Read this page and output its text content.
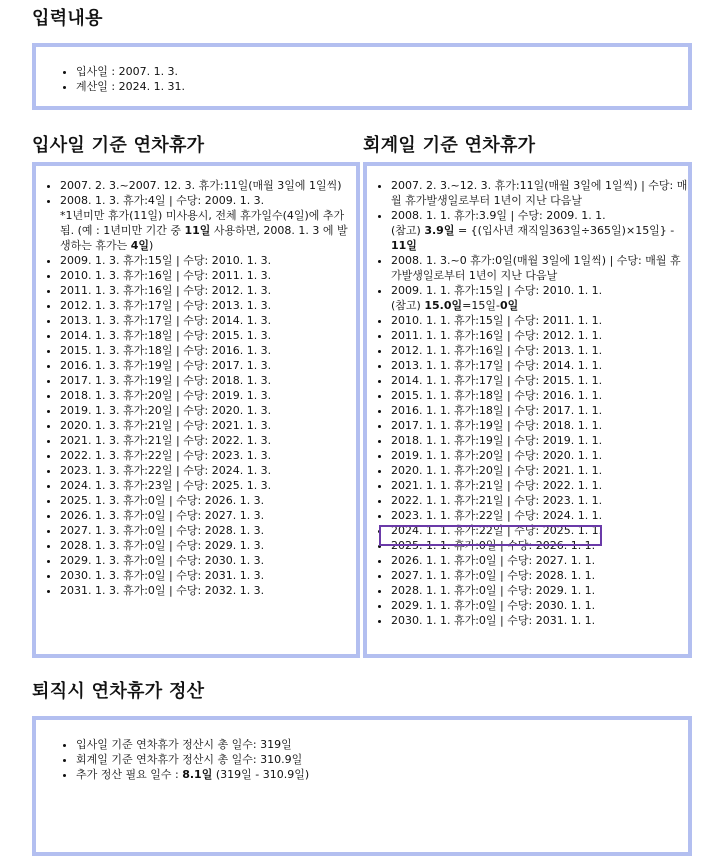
입력내용
• 입사일 : 2007. 1. 3.
• 계산일 : 2024. 1. 31.
입사일 기준 연차휴가
• 2007. 2. 3.~2007. 12. 3. 휴가:11일(매월 3일에 1일씩)
• 2008. 1. 3. 휴가:4일 | 수당: 2009. 1. 3.
*1년미만 휴가(11일) 미사용시, 전체 휴가일수(4일)에 추가됨. (예 : 1년미만 기간 중 11일 사용하면, 2008. 1. 3 에 발생하는 휴가는 4일)
• 2009. 1. 3. 휴가:15일 | 수당: 2010. 1. 3.
• 2010. 1. 3. 휴가:16일 | 수당: 2011. 1. 3.
• 2011. 1. 3. 휴가:16일 | 수당: 2012. 1. 3.
• 2012. 1. 3. 휴가:17일 | 수당: 2013. 1. 3.
• 2013. 1. 3. 휴가:17일 | 수당: 2014. 1. 3.
• 2014. 1. 3. 휴가:18일 | 수당: 2015. 1. 3.
• 2015. 1. 3. 휴가:18일 | 수당: 2016. 1. 3.
• 2016. 1. 3. 휴가:19일 | 수당: 2017. 1. 3.
• 2017. 1. 3. 휴가:19일 | 수당: 2018. 1. 3.
• 2018. 1. 3. 휴가:20일 | 수당: 2019. 1. 3.
• 2019. 1. 3. 휴가:20일 | 수당: 2020. 1. 3.
• 2020. 1. 3. 휴가:21일 | 수당: 2021. 1. 3.
• 2021. 1. 3. 휴가:21일 | 수당: 2022. 1. 3.
• 2022. 1. 3. 휴가:22일 | 수당: 2023. 1. 3.
• 2023. 1. 3. 휴가:22일 | 수당: 2024. 1. 3.
• 2024. 1. 3. 휴가:23일 | 수당: 2025. 1. 3.
• 2025. 1. 3. 휴가:0일 | 수당: 2026. 1. 3.
• 2026. 1. 3. 휴가:0일 | 수당: 2027. 1. 3.
• 2027. 1. 3. 휴가:0일 | 수당: 2028. 1. 3.
• 2028. 1. 3. 휴가:0일 | 수당: 2029. 1. 3.
• 2029. 1. 3. 휴가:0일 | 수당: 2030. 1. 3.
• 2030. 1. 3. 휴가:0일 | 수당: 2031. 1. 3.
• 2031. 1. 3. 휴가:0일 | 수당: 2032. 1. 3.
회계일 기준 연차휴가
• 2007. 2. 3.~12. 3. 휴가:11일(매월 3일에 1일씩) | 수당: 매월 휴가발생일로부터 1년이 지난 다음날
• 2008. 1. 1. 휴가:3.9일 | 수당: 2009. 1. 1.
(참고) 3.9일 = {(입사년 재직일363일÷365일)×15일} - 11일
• 2008. 1. 3.~0 휴가:0일(매월 3일에 1일씩) | 수당: 매월 휴가발생일로부터 1년이 지난 다음날
• 2009. 1. 1. 휴가:15일 | 수당: 2010. 1. 1.
(참고) 15.0일=15일-0일
• 2010. 1. 1. 휴가:15일 | 수당: 2011. 1. 1.
• 2011. 1. 1. 휴가:16일 | 수당: 2012. 1. 1.
• 2012. 1. 1. 휴가:16일 | 수당: 2013. 1. 1.
• 2013. 1. 1. 휴가:17일 | 수당: 2014. 1. 1.
• 2014. 1. 1. 휴가:17일 | 수당: 2015. 1. 1.
• 2015. 1. 1. 휴가:18일 | 수당: 2016. 1. 1.
• 2016. 1. 1. 휴가:18일 | 수당: 2017. 1. 1.
• 2017. 1. 1. 휴가:19일 | 수당: 2018. 1. 1.
• 2018. 1. 1. 휴가:19일 | 수당: 2019. 1. 1.
• 2019. 1. 1. 휴가:20일 | 수당: 2020. 1. 1.
• 2020. 1. 1. 휴가:20일 | 수당: 2021. 1. 1.
• 2021. 1. 1. 휴가:21일 | 수당: 2022. 1. 1.
• 2022. 1. 1. 휴가:21일 | 수당: 2023. 1. 1.
• 2023. 1. 1. 휴가:22일 | 수당: 2024. 1. 1.
• 2024. 1. 1. 휴가:22일 | 수당: 2025. 1. 1.
• 2025. 1. 1. 휴가:0일 | 수당: 2026. 1. 1.
• 2026. 1. 1. 휴가:0일 | 수당: 2027. 1. 1.
• 2027. 1. 1. 휴가:0일 | 수당: 2028. 1. 1.
• 2028. 1. 1. 휴가:0일 | 수당: 2029. 1. 1.
• 2029. 1. 1. 휴가:0일 | 수당: 2030. 1. 1.
• 2030. 1. 1. 휴가:0일 | 수당: 2031. 1. 1.
퇴직시 연차휴가 정산
• 입사일 기준 연차휴가 정산시 총 일수: 319일
• 회계일 기준 연차휴가 정산시 총 일수: 310.9일
• 추가 정산 필요 일수 : 8.1일 (319일 - 310.9일)
